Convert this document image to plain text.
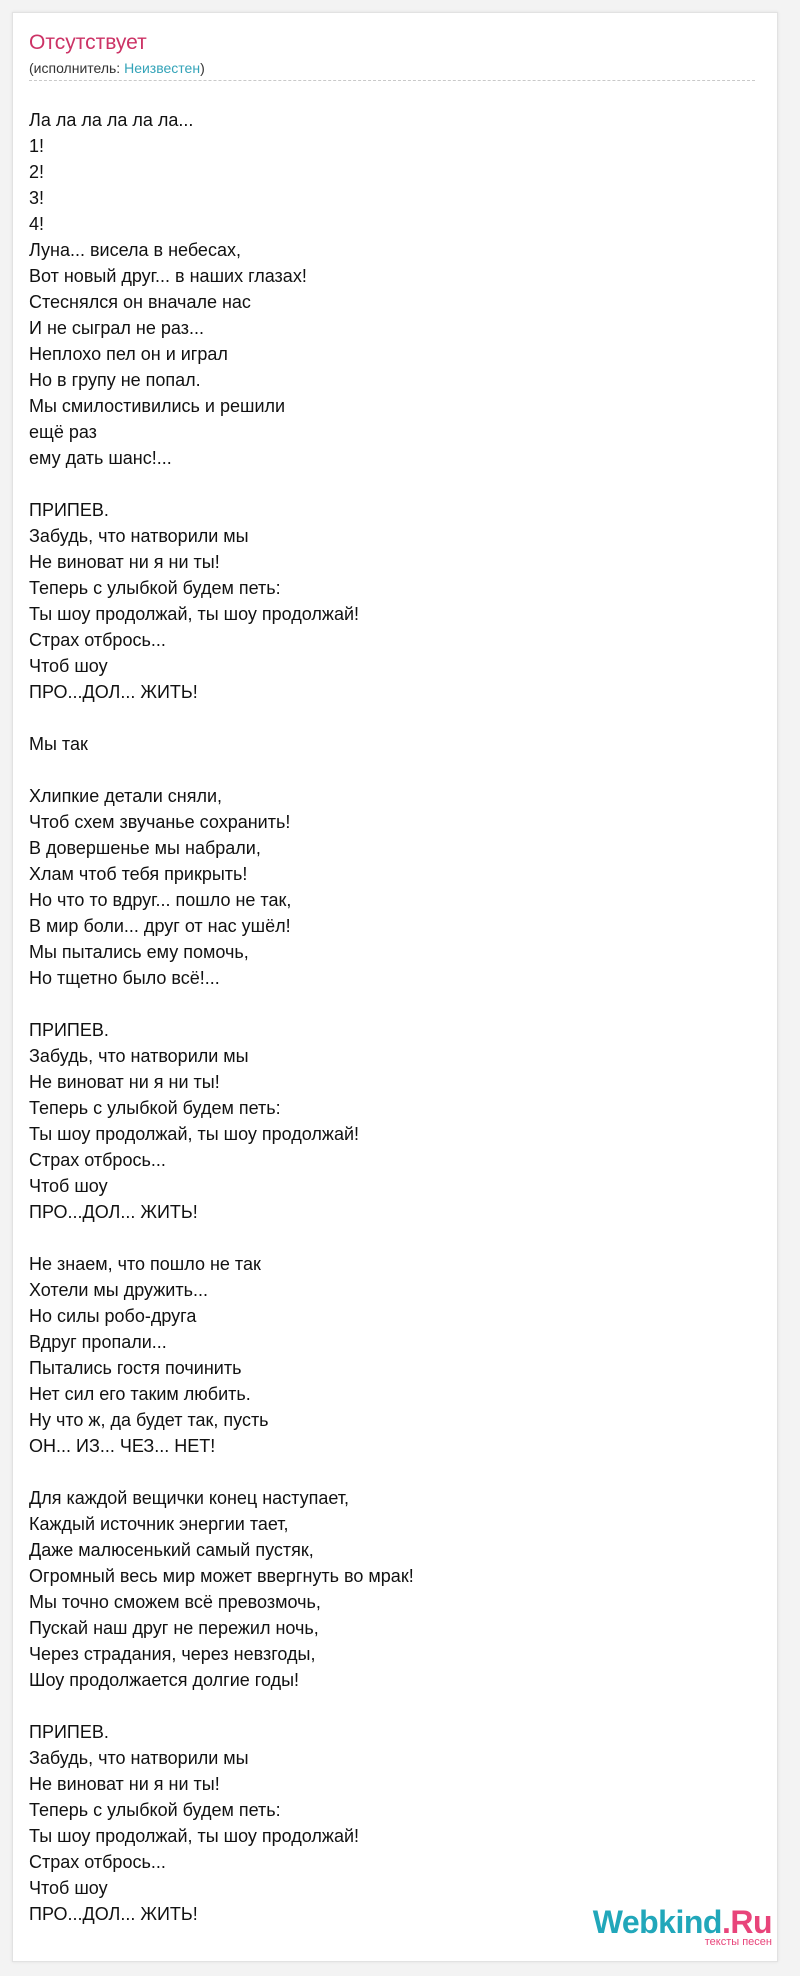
Отсутствует
(исполнитель: Неизвестен)
Ла ла ла ла ла ла...
1!
2!
3!
4!
Луна... висела в небесах,
Вот новый друг... в наших глазах!
Стеснялся он вначале нас
И не сыграл не раз...
Неплохо пел он и играл
Но в групу не попал.
Мы смилостивились и решили
ещё раз
ему дать шанс!...
ПРИПЕВ.
Забудь, что натворили мы
Не виноват ни я ни ты!
Теперь с улыбкой будем петь:
Ты шоу продолжай, ты шоу продолжай!
Страх отбрось...
Чтоб шоу
ПРО...ДОЛ... ЖИТЬ!
Мы так
Хлипкие детали сняли,
Чтоб схем звучанье сохранить!
В довершенье мы набрали,
Хлам чтоб тебя прикрыть!
Но что то вдруг... пошло не так,
В мир боли... друг от нас ушёл!
Мы пытались ему помочь,
Но тщетно было всё!...
ПРИПЕВ.
Забудь, что натворили мы
Не виноват ни я ни ты!
Теперь с улыбкой будем петь:
Ты шоу продолжай, ты шоу продолжай!
Страх отбрось...
Чтоб шоу
ПРО...ДОЛ... ЖИТЬ!
Не знаем, что пошло не так
Хотели мы дружить...
Но силы робо-друга
Вдруг пропали...
Пытались гостя починить
Нет сил его таким любить.
Ну что ж, да будет так, пусть
ОН... ИЗ... ЧЕЗ... НЕТ!
Для каждой вещички конец наступает,
Каждый источник энергии тает,
Даже малюсенький самый пустяк,
Огромный весь мир может ввергнуть во мрак!
Мы точно сможем всё превозмочь,
Пускай наш друг не пережил ночь,
Через страдания, через невзгоды,
Шоу продолжается долгие годы!
ПРИПЕВ.
Забудь, что натворили мы
Не виноват ни я ни ты!
Теперь с улыбкой будем петь:
Ты шоу продолжай, ты шоу продолжай!
Страх отбрось...
Чтоб шоу
ПРО...ДОЛ... ЖИТЬ!	Webkind.Ru
тексты песен
